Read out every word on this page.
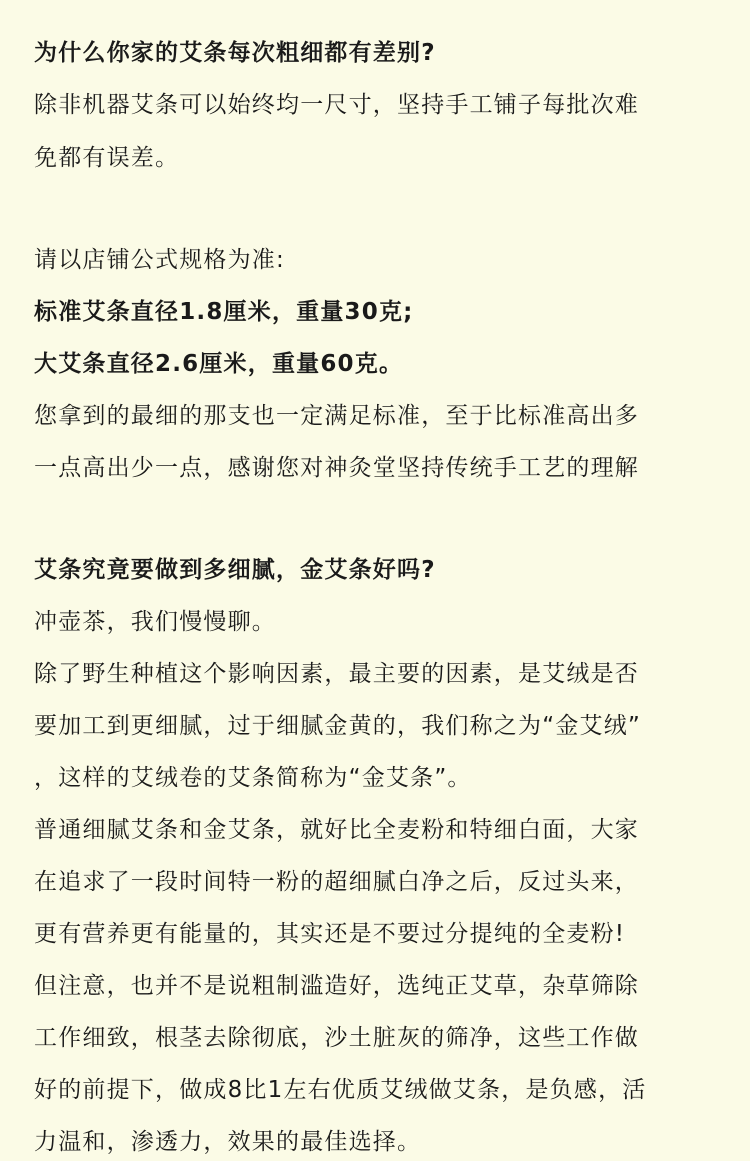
为什么你家的艾条每次粗细都有差别?
除非机器艾条可以始终均一尺寸，坚持手工铺子每批次难
免都有误差。
请以店铺公式规格为准:
标准艾条直径1.8厘米，重量30克;
大艾条直径2.6厘米，重量60克。
您拿到的最细的那支也一定满足标准，至于比标准高出多
一点高出少一点，感谢您对神灸堂坚持传统手工艺的理解
艾条究竟要做到多细腻，金艾条好吗?
冲壶茶，我们慢慢聊。
除了野生种植这个影响因素，最主要的因素，是艾绒是否
要加工到更细腻，过于细腻金黄的，我们称之为“金艾绒”
，这样的艾绒卷的艾条简称为“金艾条”。
普通细腻艾条和金艾条，就好比全麦粉和特细白面，大家
在追求了一段时间特一粉的超细腻白净之后，反过头来，
更有营养更有能量的，其实还是不要过分提纯的全麦粉!
但注意，也并不是说粗制滥造好，选纯正艾草，杂草筛除
工作细致，根茎去除彻底，沙土脏灰的筛净，这些工作做
好的前提下，做成8比1左右优质艾绒做艾条，是负感，活
力温和，渗透力，效果的最佳选择。
